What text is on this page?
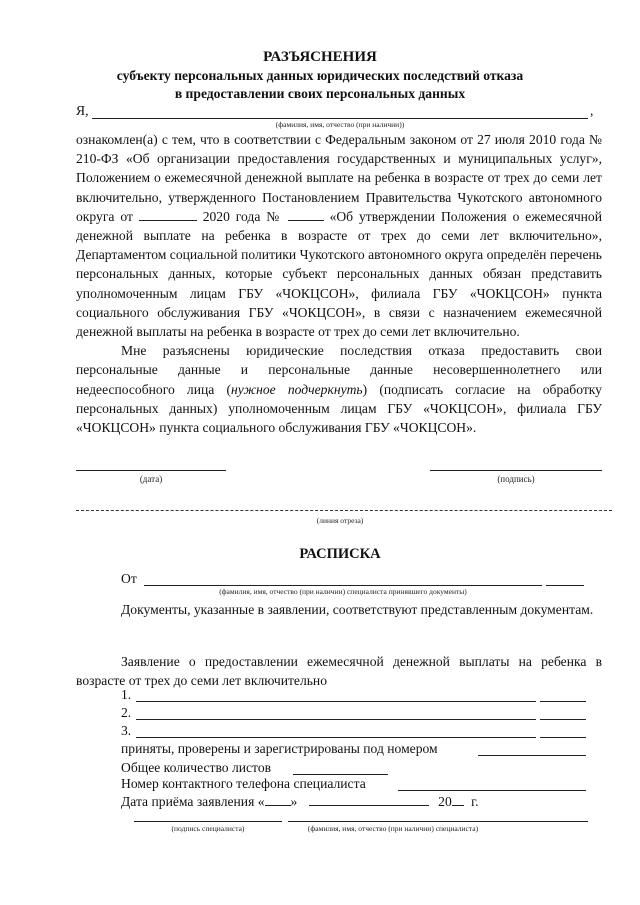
РАЗЪЯСНЕНИЯ
субъекту персональных данных юридических последствий отказа
в предоставлении своих персональных данных
Я,	,
(фамилия, имя, отчество (при наличии))

ознакомлен(а) с тем, что в соответствии с Федеральным законом от 27 июля 2010 года № 210-ФЗ «Об организации предоставления государственных и муниципальных услуг», Положением о ежемесячной денежной выплате на ребенка в возрасте от трех до семи лет включительно, утвержденного Постановлением Правительства Чукотского автономного округа от	2020 года №	«Об утверждении Положения о ежемесячной денежной выплате на ребенка в возрасте от трех до семи лет включительно», Департаментом социальной политики Чукотского автономного округа определён перечень персональных данных, которые субъект персональных данных обязан представить уполномоченным лицам ГБУ «ЧОКЦСОН», филиала ГБУ «ЧОКЦСОН» пункта социального обслуживания ГБУ «ЧОКЦСОН», в связи с назначением ежемесячной денежной выплаты на ребенка в возрасте от трех до семи лет включительно.

Мне разъяснены юридические последствия отказа предоставить свои персональные данные и персональные данные несовершеннолетнего или недееспособного лица (нужное подчеркнуть) (подписать согласие на обработку персональных данных) уполномоченным лицам ГБУ «ЧОКЦСОН», филиала ГБУ «ЧОКЦСОН» пункта социального обслуживания ГБУ «ЧОКЦСОН».

(дата)	(подпись)
(линия отреза)
РАСПИСКА
От
(фамилия, имя, отчество (при наличии) специалиста принявшего документы)

Документы, указанные в заявлении, соответствуют представленным документам.

Заявление о предоставлении ежемесячной денежной выплаты на ребенка в возрасте от трех до семи лет включительно

1.
2.
3.
приняты, проверены и зарегистрированы под номером
Общее количество листов
Номер контактного телефона специалиста
Дата приёма заявления « »	20 г.
(подпись специалиста)	(фамилия, имя, отчество (при наличии) специалиста)
